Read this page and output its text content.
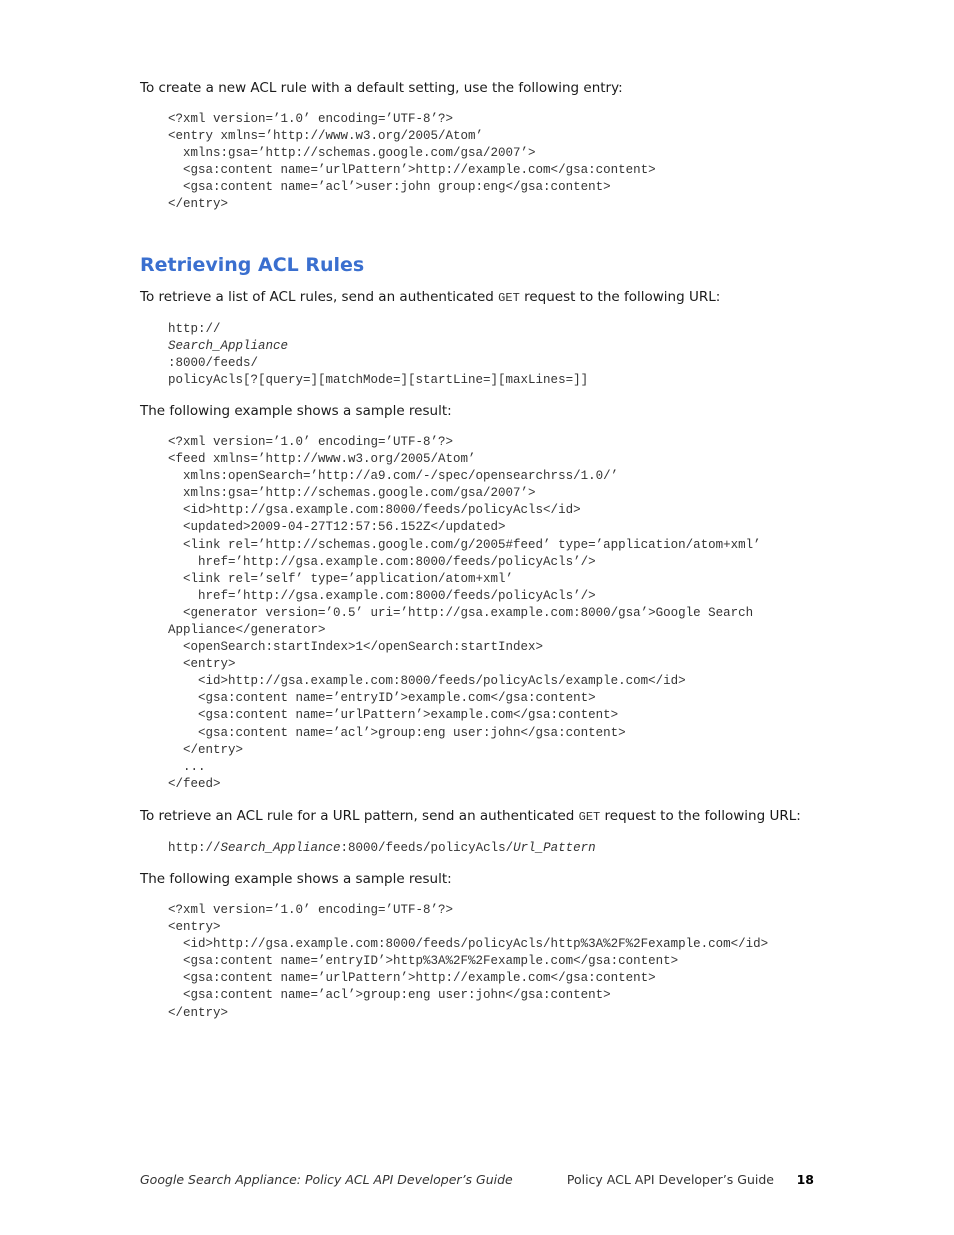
To create a new ACL rule with a default setting, use the following entry:

<?xml version=’1.0’ encoding=’UTF-8’?>
<entry xmlns=’http://www.w3.org/2005/Atom’
xmlns:gsa=’http://schemas.google.com/gsa/2007’>
<gsa:content name=’urlPattern’>http://example.com</gsa:content>
<gsa:content name=’acl’>user:john group:eng</gsa:content>
</entry>
Retrieving ACL Rules

To retrieve a list of ACL rules, send an authenticated GET request to the following URL:

http://
Search_Appliance
:8000/feeds/
policyAcls[?[query=][matchMode=][startLine=][maxLines=]]

The following example shows a sample result:

<?xml version=’1.0’ encoding=’UTF-8’?>
<feed xmlns=’http://www.w3.org/2005/Atom’
xmlns:openSearch=’http://a9.com/-/spec/opensearchrss/1.0/’
xmlns:gsa=’http://schemas.google.com/gsa/2007’>
<id>http://gsa.example.com:8000/feeds/policyAcls</id>
<updated>2009-04-27T12:57:56.152Z</updated>
<link rel=’http://schemas.google.com/g/2005#feed’ type=’application/atom+xml’
href=’http://gsa.example.com:8000/feeds/policyAcls’/>
<link rel=’self’ type=’application/atom+xml’
href=’http://gsa.example.com:8000/feeds/policyAcls’/>
<generator version=’0.5’ uri=’http://gsa.example.com:8000/gsa’>Google Search
Appliance</generator>
<openSearch:startIndex>1</openSearch:startIndex>
<entry>
<id>http://gsa.example.com:8000/feeds/policyAcls/example.com</id>
<gsa:content name=’entryID’>example.com</gsa:content>
<gsa:content name=’urlPattern’>example.com</gsa:content>
<gsa:content name=’acl’>group:eng user:john</gsa:content>
</entry>
...
</feed>

To retrieve an ACL rule for a URL pattern, send an authenticated GET request to the following URL:

http://Search_Appliance:8000/feeds/policyAcls/Url_Pattern

The following example shows a sample result:

<?xml version=’1.0’ encoding=’UTF-8’?>
<entry>
<id>http://gsa.example.com:8000/feeds/policyAcls/http%3A%2F%2Fexample.com</id>
<gsa:content name=’entryID’>http%3A%2F%2Fexample.com</gsa:content>
<gsa:content name=’urlPattern’>http://example.com</gsa:content>
<gsa:content name=’acl’>group:eng user:john</gsa:content>
</entry>
Google Search Appliance: Policy ACL API Developer’s Guide	Policy ACL API Developer’s Guide 18
